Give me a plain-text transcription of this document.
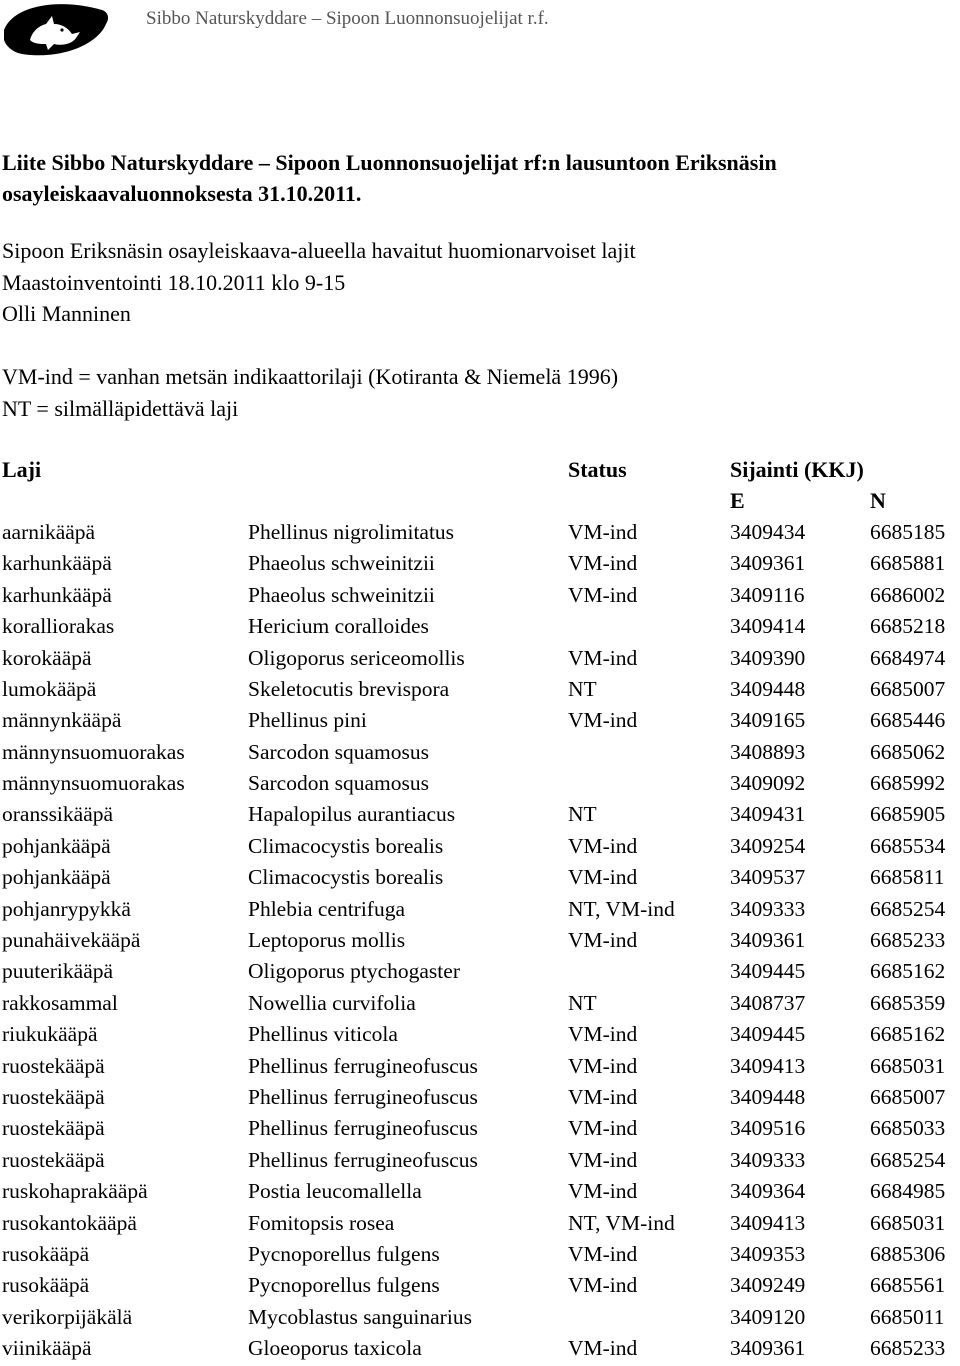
Sibbo Naturskyddare – Sipoon Luonnonsuojelijat r.f.
Liite Sibbo Naturskyddare – Sipoon Luonnonsuojelijat rf:n lausuntoon Eriksnäsin
osayleiskaavaluonnoksesta 31.10.2011.
Sipoon Eriksnäsin osayleiskaava-alueella havaitut huomionarvoiset lajit
Maastoinventointi 18.10.2011 klo 9-15
Olli Manninen
VM-ind = vanhan metsän indikaattorilaji (Kotiranta & Niemelä 1996)
NT = silmälläpidettävä laji
Laji		Status	Sijainti (KKJ)	
			E	N
aarnikääpä	Phellinus nigrolimitatus	VM-ind	3409434	6685185
karhunkääpä	Phaeolus schweinitzii	VM-ind	3409361	6685881
karhunkääpä	Phaeolus schweinitzii	VM-ind	3409116	6686002
koralliorakas	Hericium coralloides		3409414	6685218
korokääpä	Oligoporus sericeomollis	VM-ind	3409390	6684974
lumokääpä	Skeletocutis brevispora	NT	3409448	6685007
männynkääpä	Phellinus pini	VM-ind	3409165	6685446
männynsuomuorakas	Sarcodon squamosus		3408893	6685062
männynsuomuorakas	Sarcodon squamosus		3409092	6685992
oranssikääpä	Hapalopilus aurantiacus	NT	3409431	6685905
pohjankääpä	Climacocystis borealis	VM-ind	3409254	6685534
pohjankääpä	Climacocystis borealis	VM-ind	3409537	6685811
pohjanrypykkä	Phlebia centrifuga	NT, VM-ind	3409333	6685254
punahäivekääpä	Leptoporus mollis	VM-ind	3409361	6685233
puuterikääpä	Oligoporus ptychogaster		3409445	6685162
rakkosammal	Nowellia curvifolia	NT	3408737	6685359
riukukääpä	Phellinus viticola	VM-ind	3409445	6685162
ruostekääpä	Phellinus ferrugineofuscus	VM-ind	3409413	6685031
ruostekääpä	Phellinus ferrugineofuscus	VM-ind	3409448	6685007
ruostekääpä	Phellinus ferrugineofuscus	VM-ind	3409516	6685033
ruostekääpä	Phellinus ferrugineofuscus	VM-ind	3409333	6685254
ruskohaprakääpä	Postia leucomallella	VM-ind	3409364	6684985
rusokantokääpä	Fomitopsis rosea	NT, VM-ind	3409413	6685031
rusokääpä	Pycnoporellus fulgens	VM-ind	3409353	6885306
rusokääpä	Pycnoporellus fulgens	VM-ind	3409249	6685561
verikorpijäkälä	Mycoblastus sanguinarius		3409120	6685011
viinikääpä	Gloeoporus taxicola	VM-ind	3409361	6685233
